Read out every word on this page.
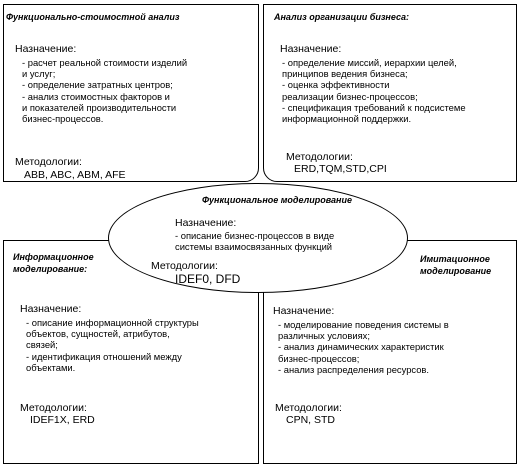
Функционально-стоимостной анализ
Назначение:
- расчет реальной стоимости изделий
и услуг;
- определение затратных центров;
- анализ стоимостных факторов и
и показателей производительности
бизнес-процессов.
Методологии:
ABB, ABC, ABM, AFE
Анализ организации бизнеса:
Назначение:
- определение миссий, иерархии целей,
принципов ведения бизнеса;
- оценка эффективности
реализации бизнес-процессов;
- спецификация требований к подсистеме
информационной поддержки.
Методологии:
ERD,TQM,STD,CPI
Информационное
моделирование:
Назначение:
- описание информационной структуры
объектов, сущностей, атрибутов,
связей;
- идентификация отношений между
объектами.
Методологии:
IDEF1X, ERD
Имитационное
моделирование
Назначение:
- моделирование поведения системы в
различных условиях;
- анализ динамических характеристик
бизнес-процессов;
- анализ распределения ресурсов.
Методологии:
CPN, STD
Функциональное моделирование
Назначение:
- описание бизнес-процессов в виде
системы взаимосвязанных функций
Методологии:
IDEF0, DFD
